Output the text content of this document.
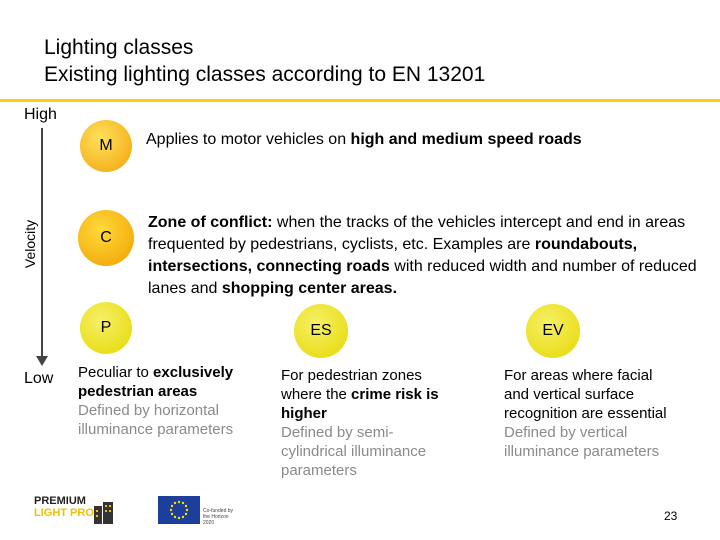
Lighting classes
Existing lighting classes according to EN 13201
High
Velocity
Low
M Applies to motor vehicles on high and medium speed roads
C
Zone of conflict: when the tracks of the vehicles intercept and end in areas frequented by pedestrians, cyclists, etc. Examples are roundabouts, intersections, connecting roads with reduced width and number of reduced lanes and shopping center areas.
P
Peculiar to exclusively pedestrian areas
Defined by horizontal illuminance parameters
ES
For pedestrian zones where the crime risk is higher
Defined by semi-cylindrical illuminance parameters
EV
For areas where facial and vertical surface recognition are essential
Defined by vertical illuminance parameters
PREMIUM
LIGHT PRO	Co-funded by the Horizon 2020	23
